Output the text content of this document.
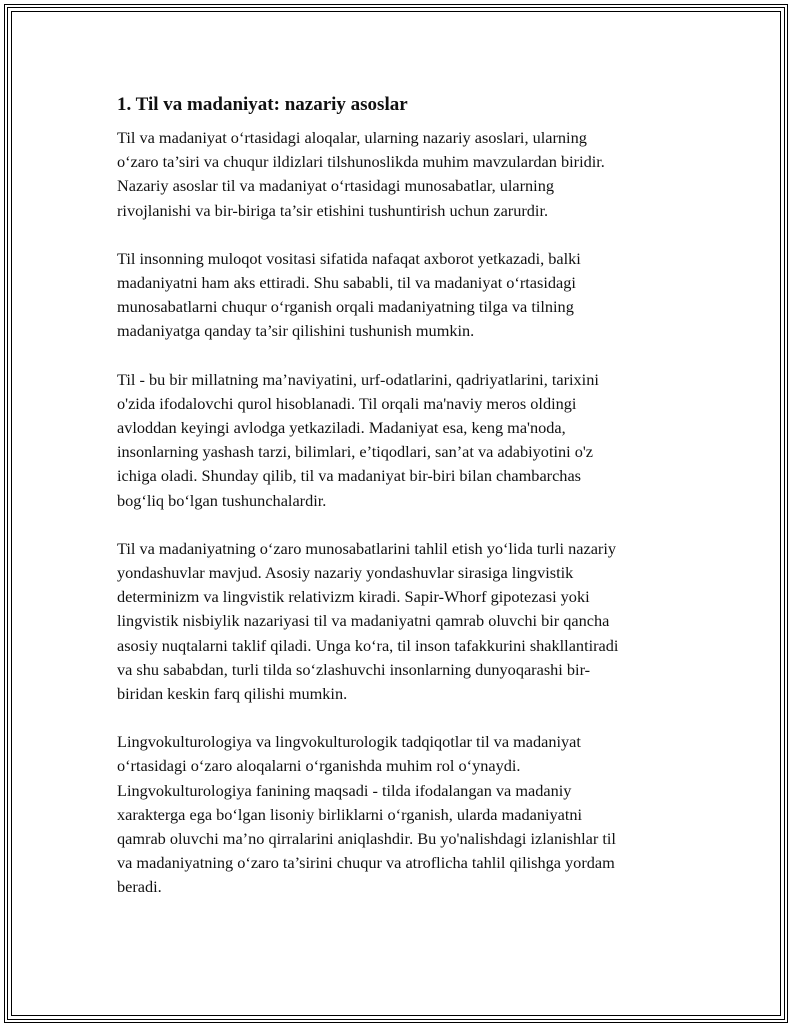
1. Til va madaniyat: nazariy asoslar

Til va madaniyat o‘rtasidagi aloqalar, ularning nazariy asoslari, ularning
o‘zaro ta’siri va chuqur ildizlari tilshunoslikda muhim mavzulardan biridir.
Nazariy asoslar til va madaniyat o‘rtasidagi munosabatlar, ularning
rivojlanishi va bir-biriga ta’sir etishini tushuntirish uchun zarurdir.

Til insonning muloqot vositasi sifatida nafaqat axborot yetkazadi, balki
madaniyatni ham aks ettiradi. Shu sababli, til va madaniyat o‘rtasidagi
munosabatlarni chuqur o‘rganish orqali madaniyatning tilga va tilning
madaniyatga qanday ta’sir qilishini tushunish mumkin.

Til - bu bir millatning ma’naviyatini, urf-odatlarini, qadriyatlarini, tarixini
o'zida ifodalovchi qurol hisoblanadi. Til orqali ma'naviy meros oldingi
avloddan keyingi avlodga yetkaziladi. Madaniyat esa, keng ma'noda,
insonlarning yashash tarzi, bilimlari, e’tiqodlari, san’at va adabiyotini o'z
ichiga oladi. Shunday qilib, til va madaniyat bir-biri bilan chambarchas
bog‘liq bo‘lgan tushunchalardir.

Til va madaniyatning o‘zaro munosabatlarini tahlil etish yo‘lida turli nazariy
yondashuvlar mavjud. Asosiy nazariy yondashuvlar sirasiga lingvistik
determinizm va lingvistik relativizm kiradi. Sapir-Whorf gipotezasi yoki
lingvistik nisbiylik nazariyasi til va madaniyatni qamrab oluvchi bir qancha
asosiy nuqtalarni taklif qiladi. Unga ko‘ra, til inson tafakkurini shakllantiradi
va shu sababdan, turli tilda so‘zlashuvchi insonlarning dunyoqarashi bir-
biridan keskin farq qilishi mumkin.

Lingvokulturologiya va lingvokulturologik tadqiqotlar til va madaniyat
o‘rtasidagi o‘zaro aloqalarni o‘rganishda muhim rol o‘ynaydi.
Lingvokulturologiya fanining maqsadi - tilda ifodalangan va madaniy
xarakterga ega bo‘lgan lisoniy birliklarni o‘rganish, ularda madaniyatni
qamrab oluvchi ma’no qirralarini aniqlashdir. Bu yo'nalishdagi izlanishlar til
va madaniyatning o‘zaro ta’sirini chuqur va atroflicha tahlil qilishga yordam
beradi.
